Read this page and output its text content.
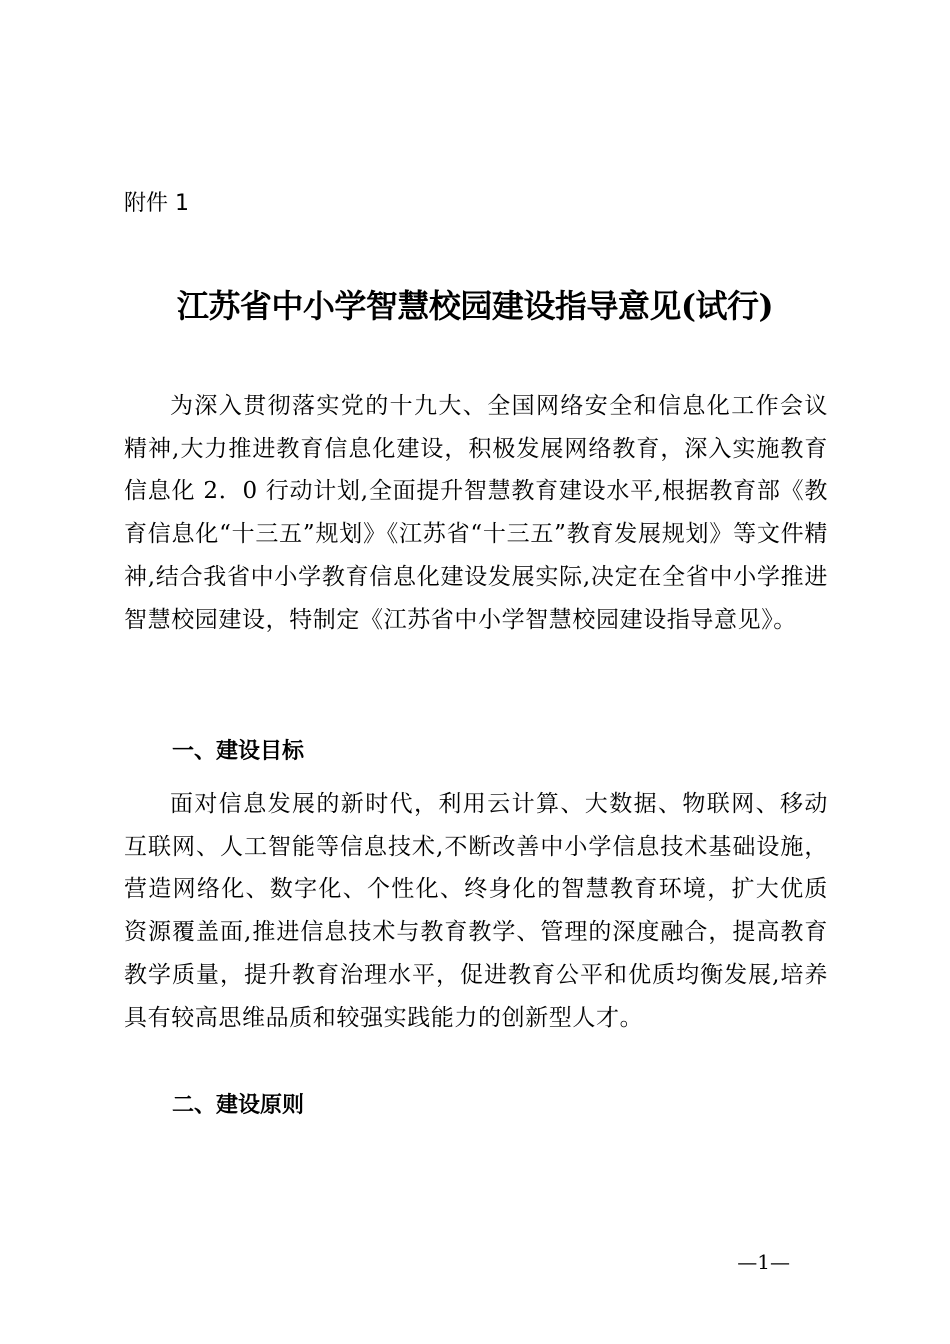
附件 1
江苏省中小学智慧校园建设指导意见(试行)

为深入贯彻落实党的十九大、全国网络安全和信息化工作会议精神,大力推进教育信息化建设，积极发展网络教育，深入实施教育信息化 2．0 行动计划,全面提升智慧教育建设水平,根据教育部《教育信息化“十三五”规划》《江苏省“十三五”教育发展规划》等文件精神,结合我省中小学教育信息化建设发展实际,决定在全省中小学推进智慧校园建设，特制定《江苏省中小学智慧校园建设指导意见》。

一、建设目标

面对信息发展的新时代，利用云计算、大数据、物联网、移动互联网、人工智能等信息技术,不断改善中小学信息技术基础设施，营造网络化、数字化、个性化、终身化的智慧教育环境，扩大优质资源覆盖面,推进信息技术与教育教学、管理的深度融合，提高教育教学质量，提升教育治理水平，促进教育公平和优质均衡发展,培养具有较高思维品质和较强实践能力的创新型人才。

二、建设原则
—1—
